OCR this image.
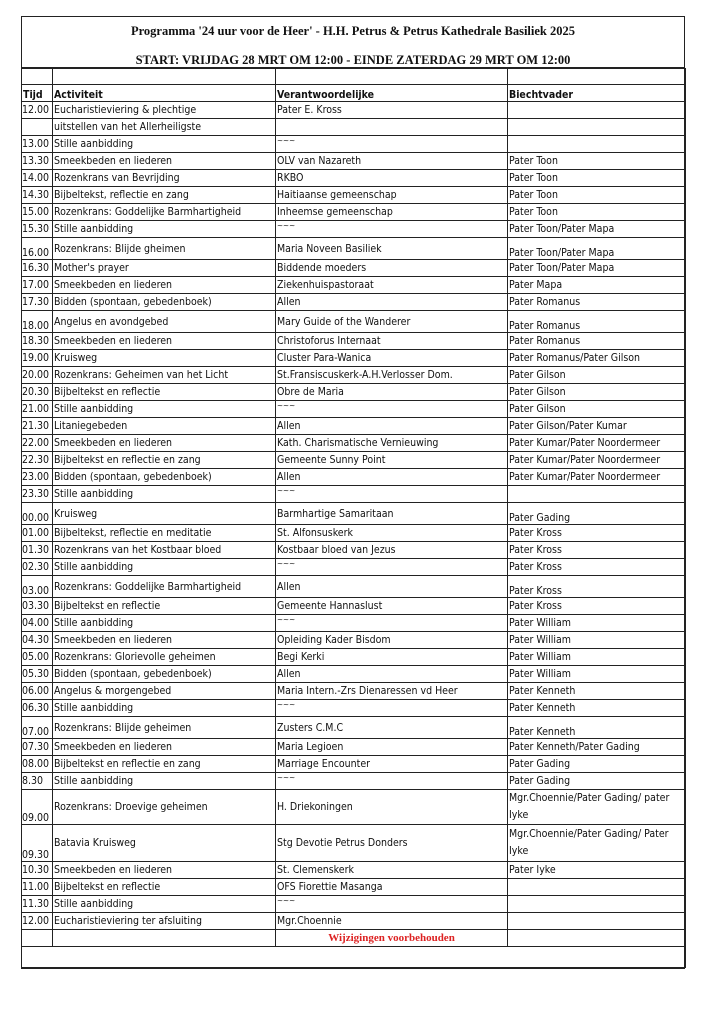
Programma '24 uur voor de Heer' - H.H. Petrus & Petrus Kathedrale Basiliek 2025
START: VRIJDAG 28 MRT OM 12:00 - EINDE ZATERDAG 29 MRT OM 12:00

Tijd	Activiteit	Verantwoordelijke	Biechtvader
12.00	Eucharistieviering & plechtige	Pater E. Kross	
	uitstellen van het Allerheiligste		
13.00	Stille aanbidding	~~~	
13.30	Smeekbeden en liederen	OLV van Nazareth	Pater Toon
14.00	Rozenkrans van Bevrijding	RKBO	Pater Toon
14.30	Bijbeltekst, reflectie en zang	Haitiaanse gemeenschap	Pater Toon
15.00	Rozenkrans: Goddelijke Barmhartigheid	Inheemse gemeenschap	Pater Toon
15.30	Stille aanbidding	~~~	Pater Toon/Pater Mapa
16.00	Rozenkrans: Blijde gheimen	Maria Noveen Basiliek	Pater Toon/Pater Mapa
16.30	Mother's prayer	Biddende moeders	Pater Toon/Pater Mapa
17.00	Smeekbeden en liederen	Ziekenhuispastoraat	Pater Mapa
17.30	Bidden (spontaan, gebedenboek)	Allen	Pater Romanus
18.00	Angelus en avondgebed	Mary Guide of the Wanderer	Pater Romanus
18.30	Smeekbeden en liederen	Christoforus Internaat	Pater Romanus
19.00	Kruisweg	Cluster Para-Wanica	Pater Romanus/Pater Gilson
20.00	Rozenkrans: Geheimen van het Licht	St.Fransiscuskerk-A.H.Verlosser Dom.	Pater Gilson
20.30	Bijbeltekst en reflectie	Obre de Maria	Pater Gilson
21.00	Stille aanbidding	~~~	Pater Gilson
21.30	Litaniegebeden	Allen	Pater Gilson/Pater Kumar
22.00	Smeekbeden en liederen	Kath. Charismatische Vernieuwing	Pater Kumar/Pater Noordermeer
22.30	Bijbeltekst en reflectie en zang	Gemeente Sunny Point	Pater Kumar/Pater Noordermeer
23.00	Bidden (spontaan, gebedenboek)	Allen	Pater Kumar/Pater Noordermeer
23.30	Stille aanbidding	~~~	
00.00	Kruisweg	Barmhartige Samaritaan	Pater Gading
01.00	Bijbeltekst, reflectie en meditatie	St. Alfonsuskerk	Pater Kross
01.30	Rozenkrans van het Kostbaar bloed	Kostbaar bloed van Jezus	Pater Kross
02.30	Stille aanbidding	~~~	Pater Kross
03.00	Rozenkrans: Goddelijke Barmhartigheid	Allen	Pater Kross
03.30	Bijbeltekst en reflectie	Gemeente Hannaslust	Pater Kross
04.00	Stille aanbidding	~~~	Pater William
04.30	Smeekbeden en liederen	Opleiding Kader Bisdom	Pater William
05.00	Rozenkrans: Glorievolle geheimen	Begi Kerki	Pater William
05.30	Bidden (spontaan, gebedenboek)	Allen	Pater William
06.00	Angelus & morgengebed	Maria Intern.-Zrs Dienaressen vd Heer	Pater Kenneth
06.30	Stille aanbidding	~~~	Pater Kenneth
07.00	Rozenkrans: Blijde geheimen	Zusters C.M.C	Pater Kenneth
07.30	Smeekbeden en liederen	Maria Legioen	Pater Kenneth/Pater Gading
08.00	Bijbeltekst en reflectie en zang	Marriage Encounter	Pater Gading
8.30	Stille aanbidding	~~~	Pater Gading
09.00	Rozenkrans: Droevige geheimen	H. Driekoningen	Mgr.Choennie/Pater Gading/ pater Iyke
09.30	Batavia Kruisweg	Stg Devotie Petrus Donders	Mgr.Choennie/Pater Gading/ Pater Iyke
10.30	Smeekbeden en liederen	St. Clemenskerk	Pater Iyke
11.00	Bijbeltekst en reflectie	OFS Fiorettie Masanga	
11.30	Stille aanbidding	~~~	
12.00	Eucharistieviering ter afsluiting	Mgr.Choennie	
		Wijzigingen voorbehouden	
